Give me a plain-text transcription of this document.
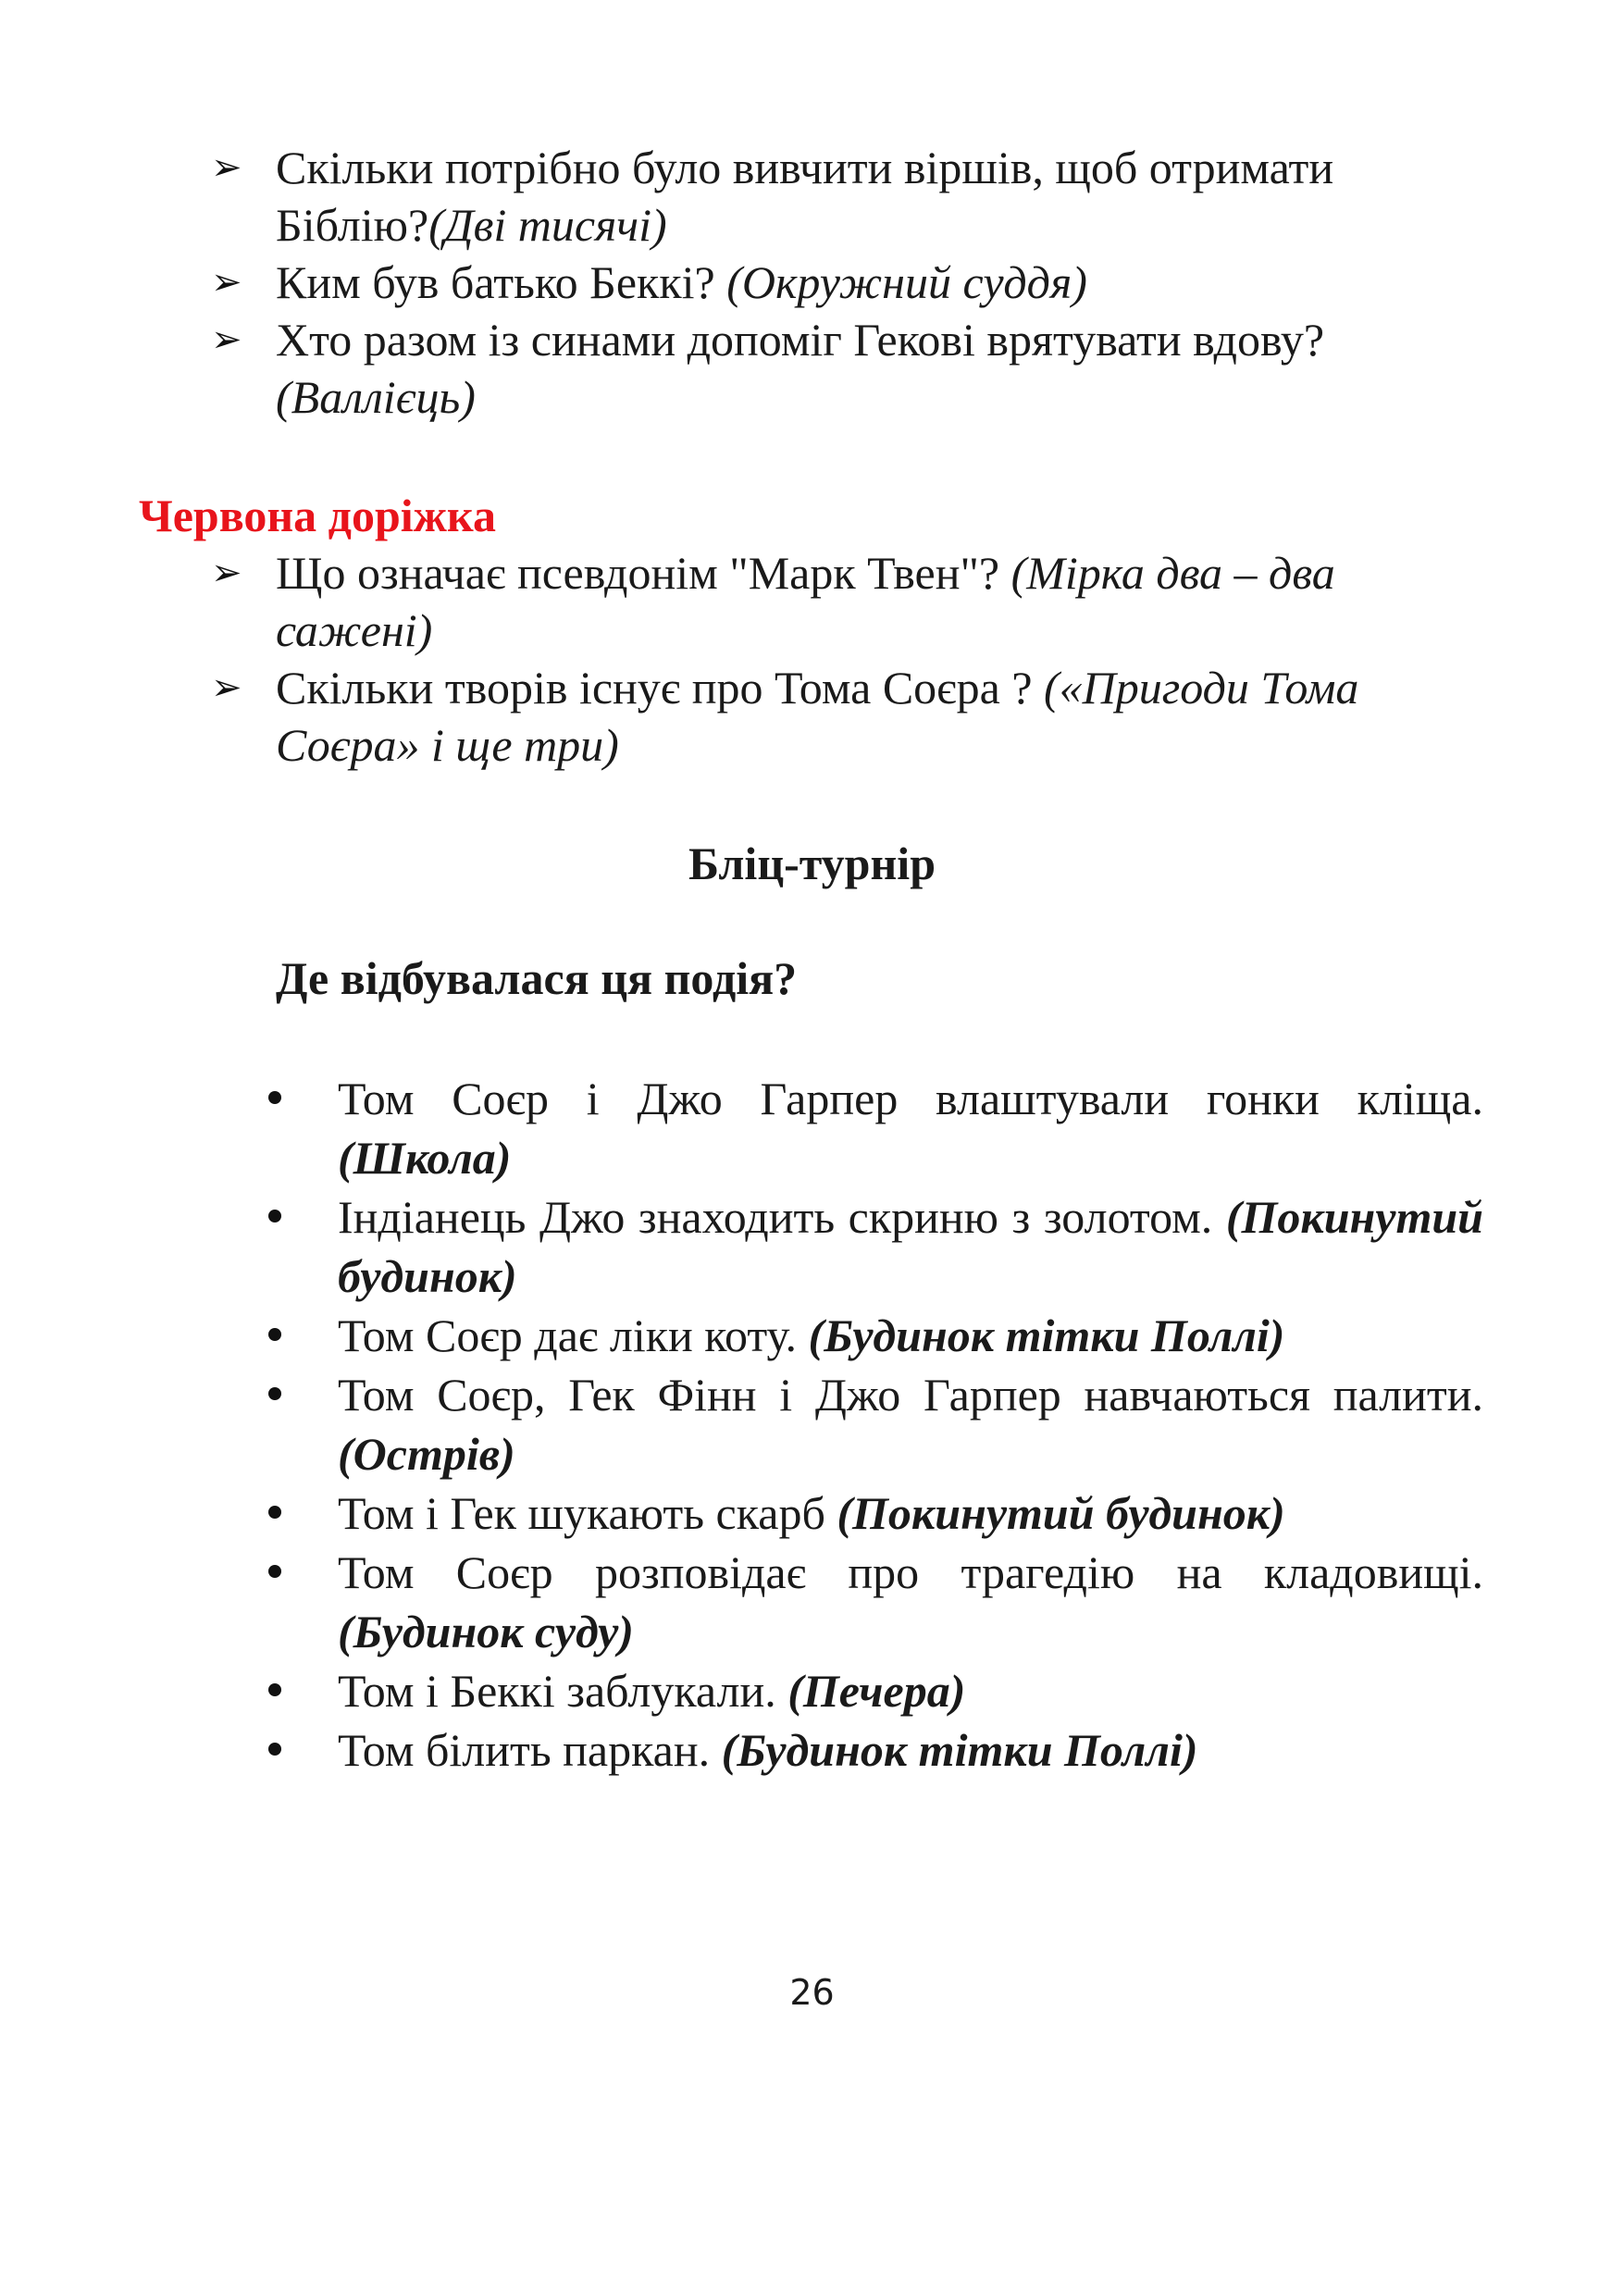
➢ Скільки потрібно було вивчити віршів, щоб отримати Біблію?(Дві тисячі)
➢ Ким був батько Беккі? (Окружний суддя)
➢ Хто разом із синами допоміг Гекові врятувати вдову? (Валлієць)

Червона доріжка

➢ Що означає псевдонім "Марк Твен"? (Мірка два – два сажені)
➢ Скільки творів існує про Тома Соєра ? («Пригоди Тома Соєра» і ще три)

Бліц-турнір

Де відбувалася ця подія?

Том Соєр і Джо Гарпер влаштували гонки кліща. (Школа)
Індіанець Джо знаходить скриню з золотом. (Покинутий будинок)
Том Соєр дає ліки коту. (Будинок тітки Поллі)
Том Соєр, Гек Фінн і Джо Гарпер навчаються палити. (Острів)
Том і Гек шукають скарб (Покинутий будинок)
Том Соєр розповідає про трагедію на кладовищі. (Будинок суду)
Том і Беккі заблукали. (Печера)
Том білить паркан. (Будинок тітки Поллі)

26
